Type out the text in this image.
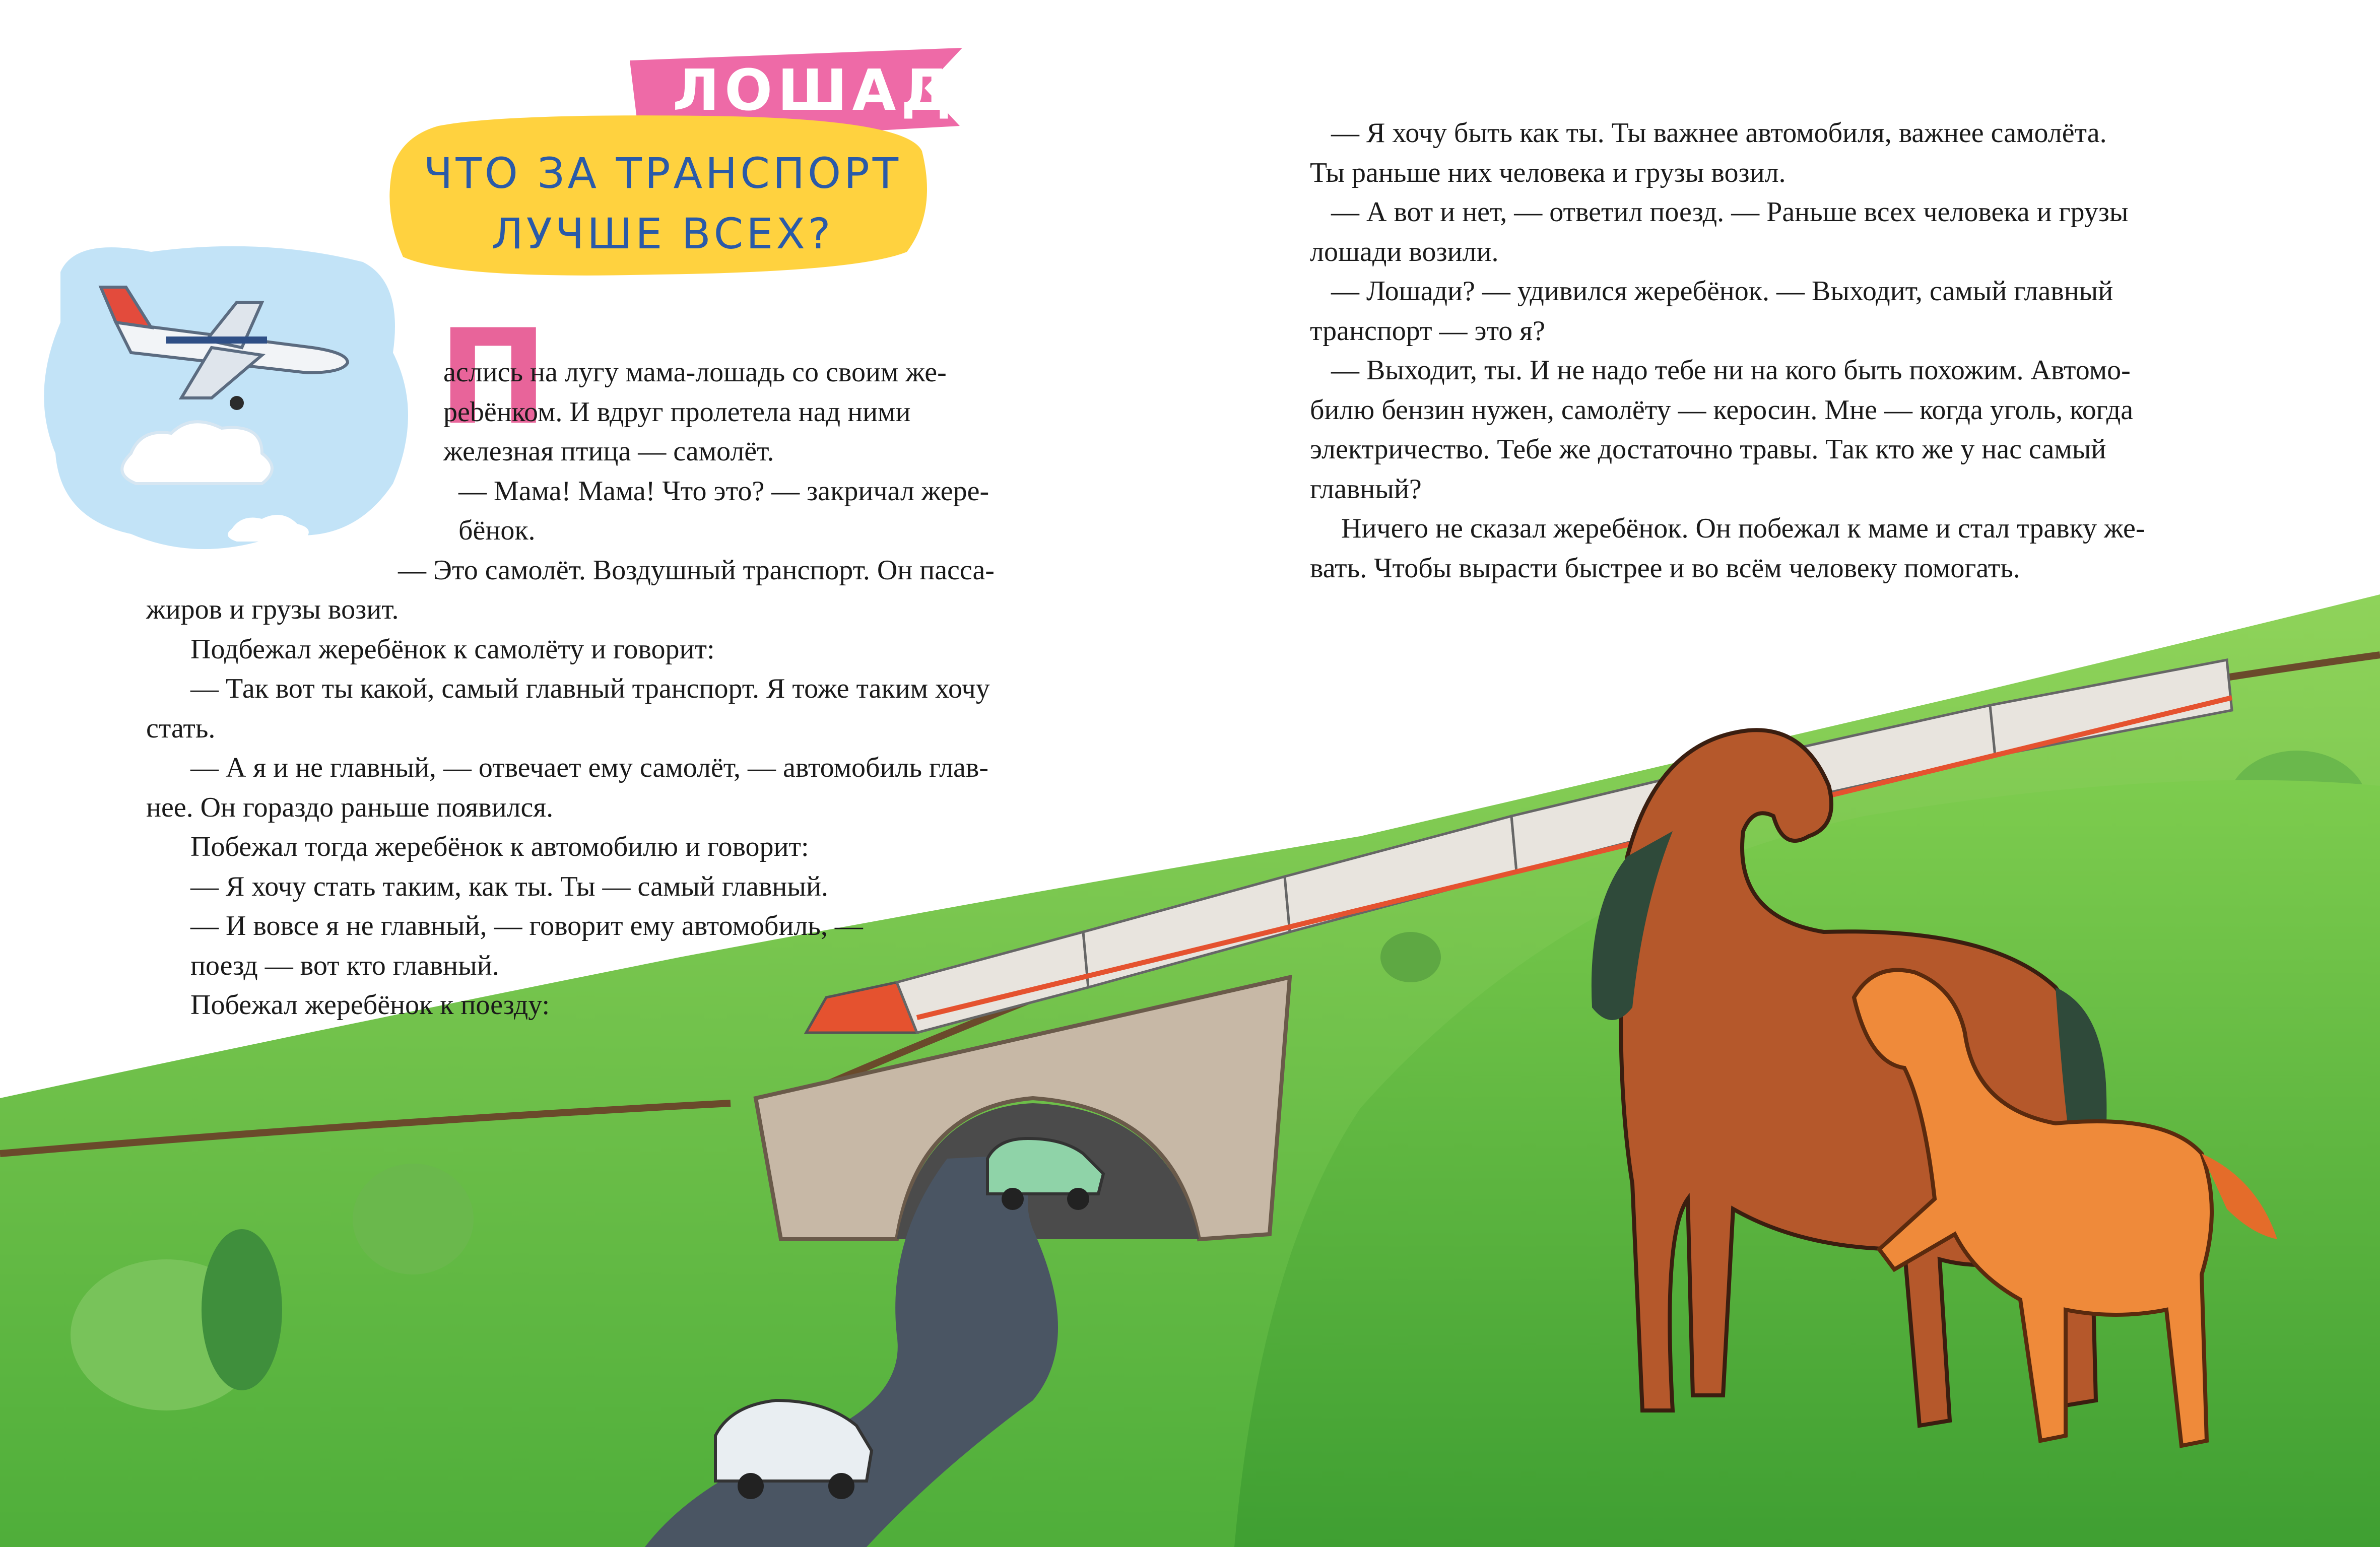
ЛОШАДЬ
ЧТО ЗА ТРАНСПОРТ
ЛУЧШЕ ВСЕХ?
П

аслись на лугу мама-лошадь со своим же-
рebёнком. И вдруг пролетела над ними
железная птица — самолёт.

— Мама! Мама! Что это? — закричал жере-
бёнок.

— Это самолёт. Воздушный транспорт. Он пасса-

жиров и грузы возит.

Подбежал жеребёнок к самолёту и говорит:

— Так вот ты какой, самый главный транспорт. Я тоже таким хочу
стать.

— А я и не главный, — отвечает ему самолёт, — автомобиль глав-
нее. Он гораздо раньше появился.

Побежал тогда жеребёнок к автомобилю и говорит:

— Я хочу стать таким, как ты. Ты — самый главный.

— И вовсе я не главный, — говорит ему автомобиль, —
поезд — вот кто главный.

Побежал жеребёнок к поезду:

— Я хочу быть как ты. Ты важнее автомобиля, важнее самолёта.
Ты раньше них человека и грузы возил.

— А вот и нет, — ответил поезд. — Раньше всех человека и грузы
лошади возили.

— Лошади? — удивился жеребёнок. — Выходит, самый главный
транспорт — это я?

— Выходит, ты. И не надо тебе ни на кого быть похожим. Автомо-
билю бензин нужен, самолёту — керосин. Мне — когда уголь, когда
электричество. Тебе же достаточно травы. Так кто же у нас самый
главный?

Ничего не сказал жеребёнок. Он побежал к маме и стал травку же-
вать. Чтобы вырасти быстрее и во всём человеку помогать.
